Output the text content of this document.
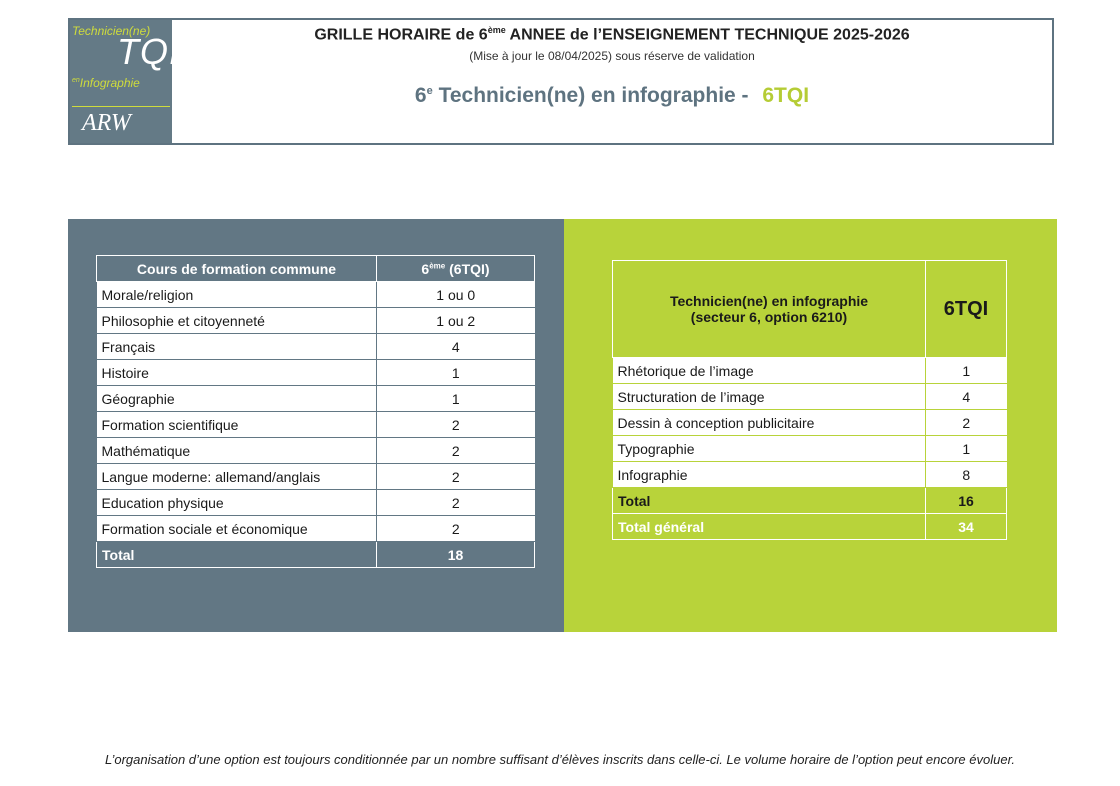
Technicien(ne)
TQI
$^{en}$Infographie
ARW
GRILLE HORAIRE de 6ème ANNEE de l’ENSEIGNEMENT TECHNIQUE 2025-2026
(Mise à jour le 08/04/2025) sous réserve de validation
6e Technicien(ne) en infographie - 6TQI
Cours de formation commune	6ème (6TQI)
Morale/religion	1 ou 0
Philosophie et citoyenneté	1 ou 2
Français	4
Histoire	1
Géographie	1
Formation scientifique	2
Mathématique	2
Langue moderne: allemand/anglais	2
Education physique	2
Formation sociale et économique	2
Total	18
Technicien(ne) en infographie
(secteur 6, option 6210)	6TQI
Rhétorique de l’image	1
Structuration de l’image	4
Dessin à conception publicitaire	2
Typographie	1
Infographie	8
Total	16
Total général	34
L’organisation d’une option est toujours conditionnée par un nombre suffisant d’élèves inscrits dans celle-ci. Le volume horaire de l’option peut encore évoluer.
